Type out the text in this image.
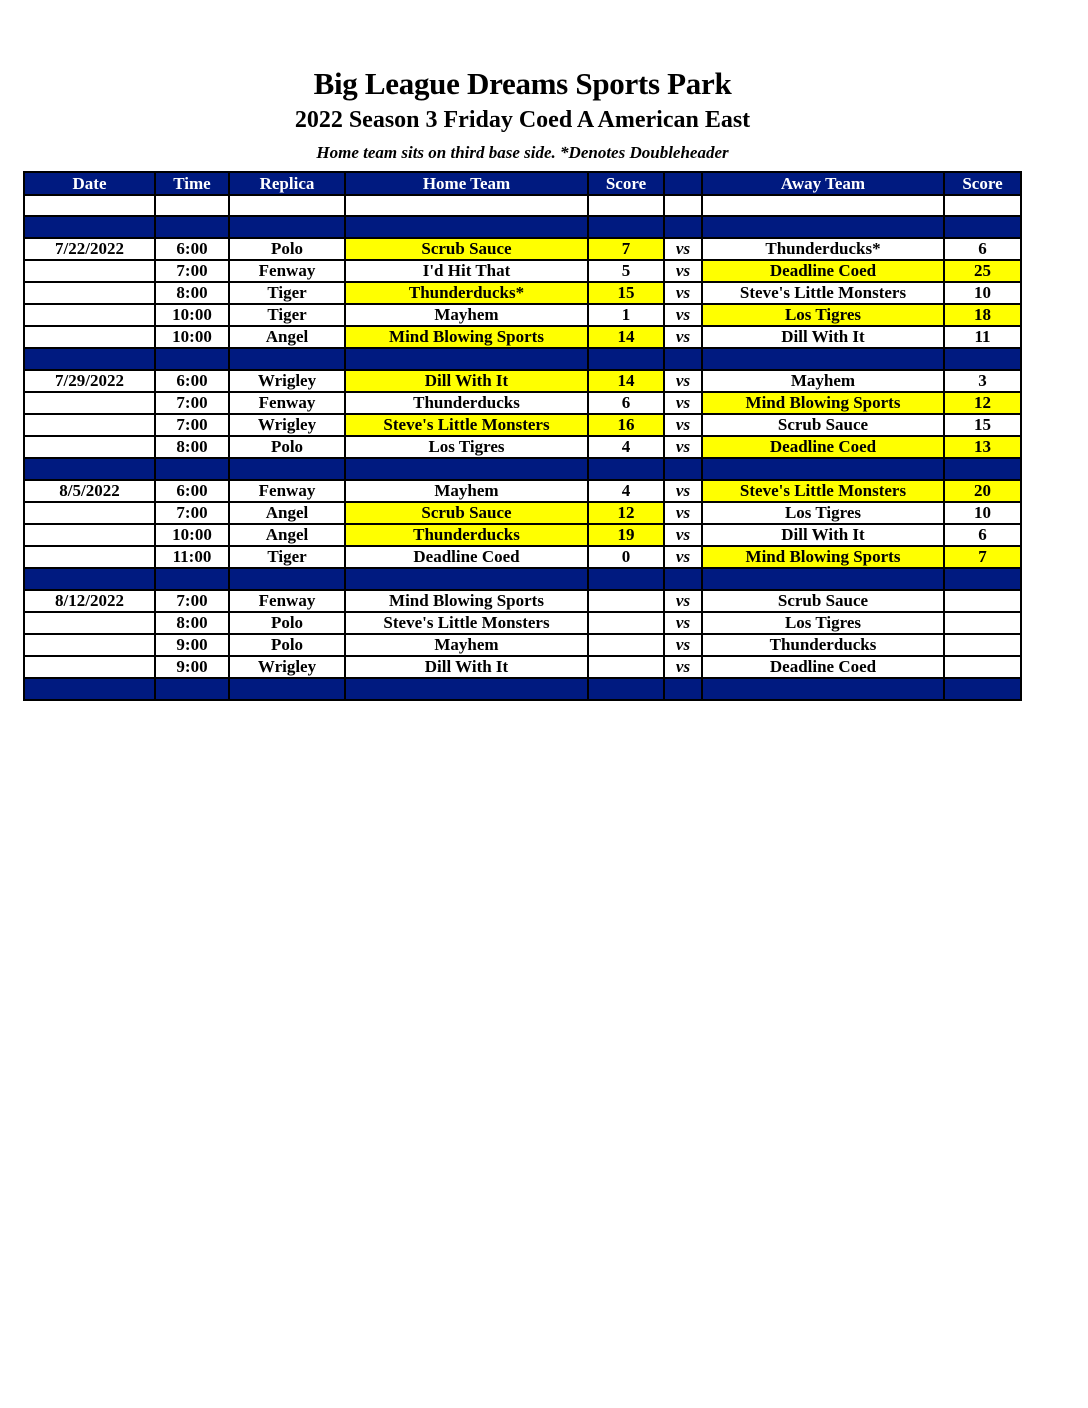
Big League Dreams Sports Park
2022 Season 3 Friday Coed A American East
Home team sits on third base side. *Denotes Doubleheader
Date	Time	Replica	Home Team	Score		Away Team	Score

7/22/2022	6:00	Polo	Scrub Sauce	7	vs	Thunderducks*	6
	7:00	Fenway	I'd Hit That	5	vs	Deadline Coed	25
	8:00	Tiger	Thunderducks*	15	vs	Steve's Little Monsters	10
	10:00	Tiger	Mayhem	1	vs	Los Tigres	18
	10:00	Angel	Mind Blowing Sports	14	vs	Dill With It	11

7/29/2022	6:00	Wrigley	Dill With It	14	vs	Mayhem	3
	7:00	Fenway	Thunderducks	6	vs	Mind Blowing Sports	12
	7:00	Wrigley	Steve's Little Monsters	16	vs	Scrub Sauce	15
	8:00	Polo	Los Tigres	4	vs	Deadline Coed	13

8/5/2022	6:00	Fenway	Mayhem	4	vs	Steve's Little Monsters	20
	7:00	Angel	Scrub Sauce	12	vs	Los Tigres	10
	10:00	Angel	Thunderducks	19	vs	Dill With It	6
	11:00	Tiger	Deadline Coed	0	vs	Mind Blowing Sports	7

8/12/2022	7:00	Fenway	Mind Blowing Sports		vs	Scrub Sauce	
	8:00	Polo	Steve's Little Monsters		vs	Los Tigres	
	9:00	Polo	Mayhem		vs	Thunderducks	
	9:00	Wrigley	Dill With It		vs	Deadline Coed	
